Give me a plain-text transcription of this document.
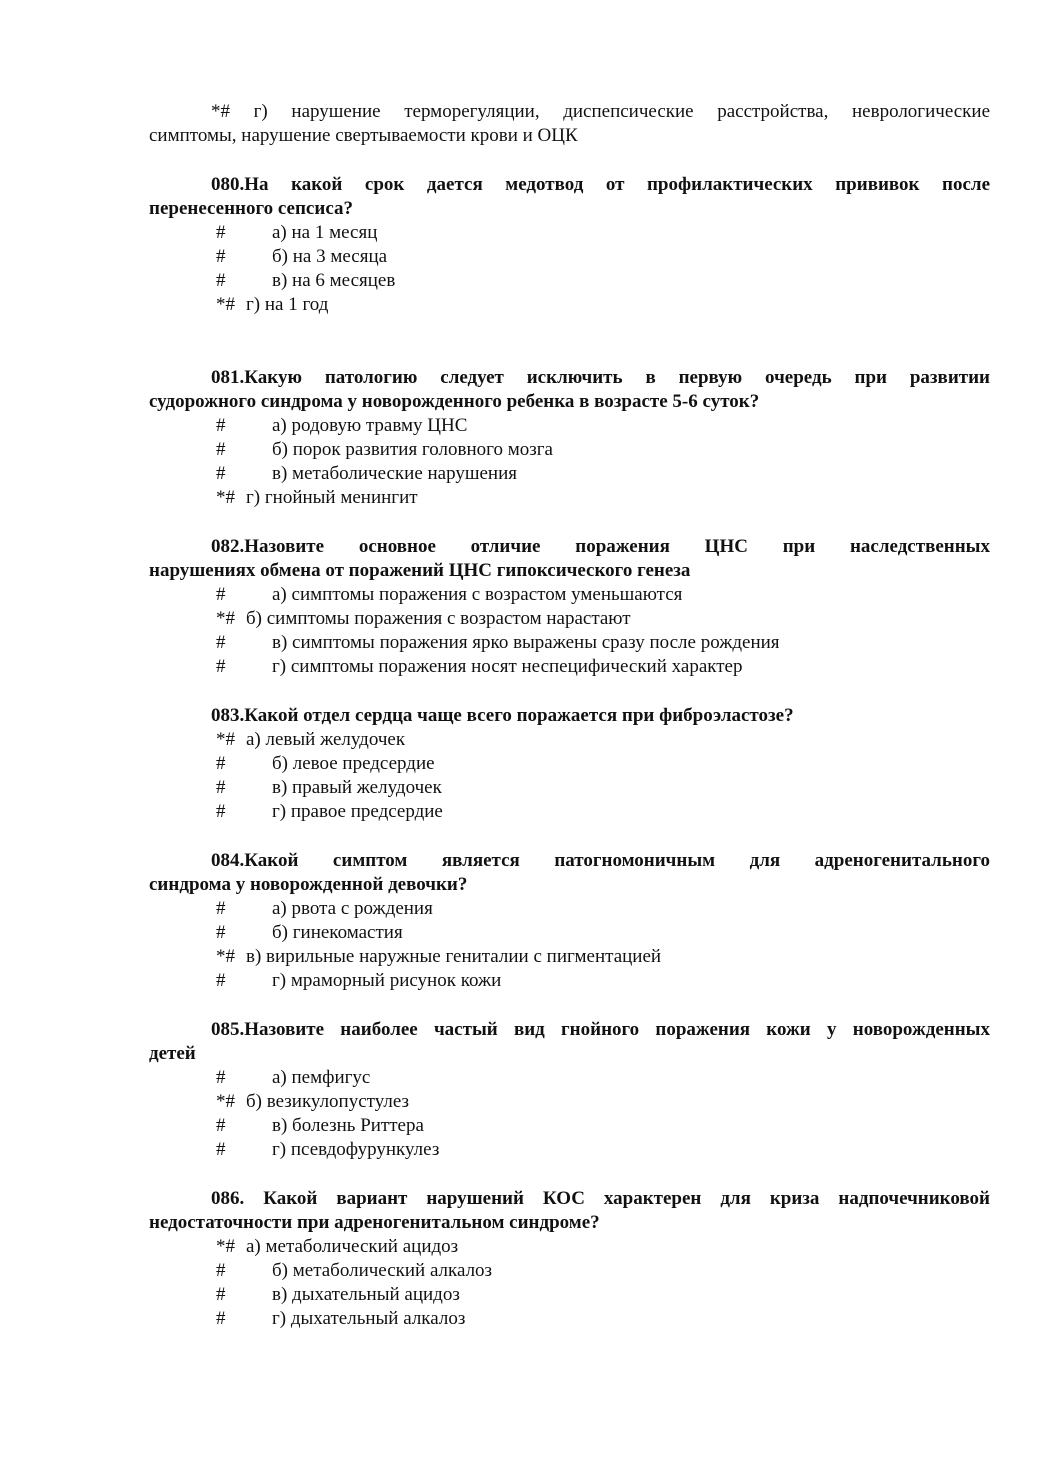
*# г) нарушение терморегуляции, диспепсические расстройства, неврологические
симптомы, нарушение свертываемости крови и ОЦК
080.На какой срок дается медотвод от профилактических прививок после
перенесенного сепсиса?
# а) на 1 месяц
# б) на 3 месяца
# в) на 6 месяцев
*# г) на 1 год
081.Какую патологию следует исключить в первую очередь при развитии
судорожного синдрома у новорожденного ребенка в возрасте 5-6 суток?
# а) родовую травму ЦНС
# б) порок развития головного мозга
# в) метаболические нарушения
*# г) гнойный менингит
082.Назовите основное отличие поражения ЦНС при наследственных
нарушениях обмена от поражений ЦНС гипоксического генеза
# а) симптомы поражения с возрастом уменьшаются
*# б) симптомы поражения с возрастом нарастают
# в) симптомы поражения ярко выражены сразу после рождения
# г) симптомы поражения носят неспецифический характер
083.Какой отдел сердца чаще всего поражается при фиброэластозе?
*# а) левый желудочек
# б) левое предсердие
# в) правый желудочек
# г) правое предсердие
084.Какой симптом является патогномоничным для адреногенитального
синдрома у новорожденной девочки?
# а) рвота с рождения
# б) гинекомастия
*# в) вирильные наружные гениталии с пигментацией
# г) мраморный рисунок кожи
085.Назовите наиболее частый вид гнойного поражения кожи у новорожденных
детей
# а) пемфигус
*# б) везикулопустулез
# в) болезнь Риттера
# г) псевдофурункулез
086. Какой вариант нарушений КОС характерен для криза надпочечниковой
недостаточности при адреногенитальном синдроме?
*# а) метаболический ацидоз
# б) метаболический алкалоз
# в) дыхательный ацидоз
# г) дыхательный алкалоз
